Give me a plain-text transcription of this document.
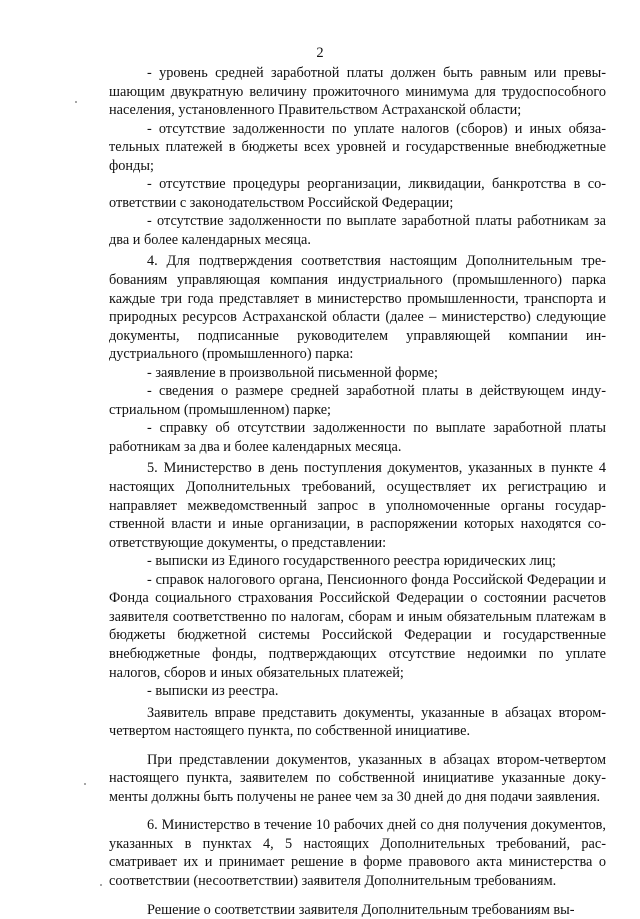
2

- уровень средней заработной платы должен быть равным или превышающим двукратную величину прожиточного минимума для трудоспособного населения, установленного Правительством Астраханской области;

- отсутствие задолженности по уплате налогов (сборов) и иных обязательных платежей в бюджеты всех уровней и государственные внебюджетные фонды;

- отсутствие процедуры реорганизации, ликвидации, банкротства в соответствии с законодательством Российской Федерации;

- отсутствие задолженности по выплате заработной платы работникам за два и более календарных месяца.

4. Для подтверждения соответствия настоящим Дополнительным требованиям управляющая компания индустриального (промышленного) парка каждые три года представляет в министерство промышленности, транспорта и природных ресурсов Астраханской области (далее – министерство) следующие документы, подписанные руководителем управляющей компании индустриального (промышленного) парка:

- заявление в произвольной письменной форме;

- сведения о размере средней заработной платы в действующем индустриальном (промышленном) парке;

- справку об отсутствии задолженности по выплате заработной платы работникам за два и более календарных месяца.

5. Министерство в день поступления документов, указанных в пункте 4 настоящих Дополнительных требований, осуществляет их регистрацию и направляет межведомственный запрос в уполномоченные органы государственной власти и иные организации, в распоряжении которых находятся соответствующие документы, о представлении:

- выписки из Единого государственного реестра юридических лиц;

- справок налогового органа, Пенсионного фонда Российской Федерации и Фонда социального страхования Российской Федерации о состоянии расчетов заявителя соответственно по налогам, сборам и иным обязательным платежам в бюджеты бюджетной системы Российской Федерации и государственные внебюджетные фонды, подтверждающих отсутствие недоимки по уплате налогов, сборов и иных обязательных платежей;

- выписки из реестра.

Заявитель вправе представить документы, указанные в абзацах втором-четвертом настоящего пункта, по собственной инициативе.

При представлении документов, указанных в абзацах втором-четвертом настоящего пункта, заявителем по собственной инициативе указанные документы должны быть получены не ранее чем за 30 дней до дня подачи заявления.

6. Министерство в течение 10 рабочих дней со дня получения документов, указанных в пунктах 4, 5 настоящих Дополнительных требований, рассматривает их и принимает решение в форме правового акта министерства о соответствии (несоответствии) заявителя Дополнительным требованиям.

Решение о соответствии заявителя Дополнительным требованиям вы-
